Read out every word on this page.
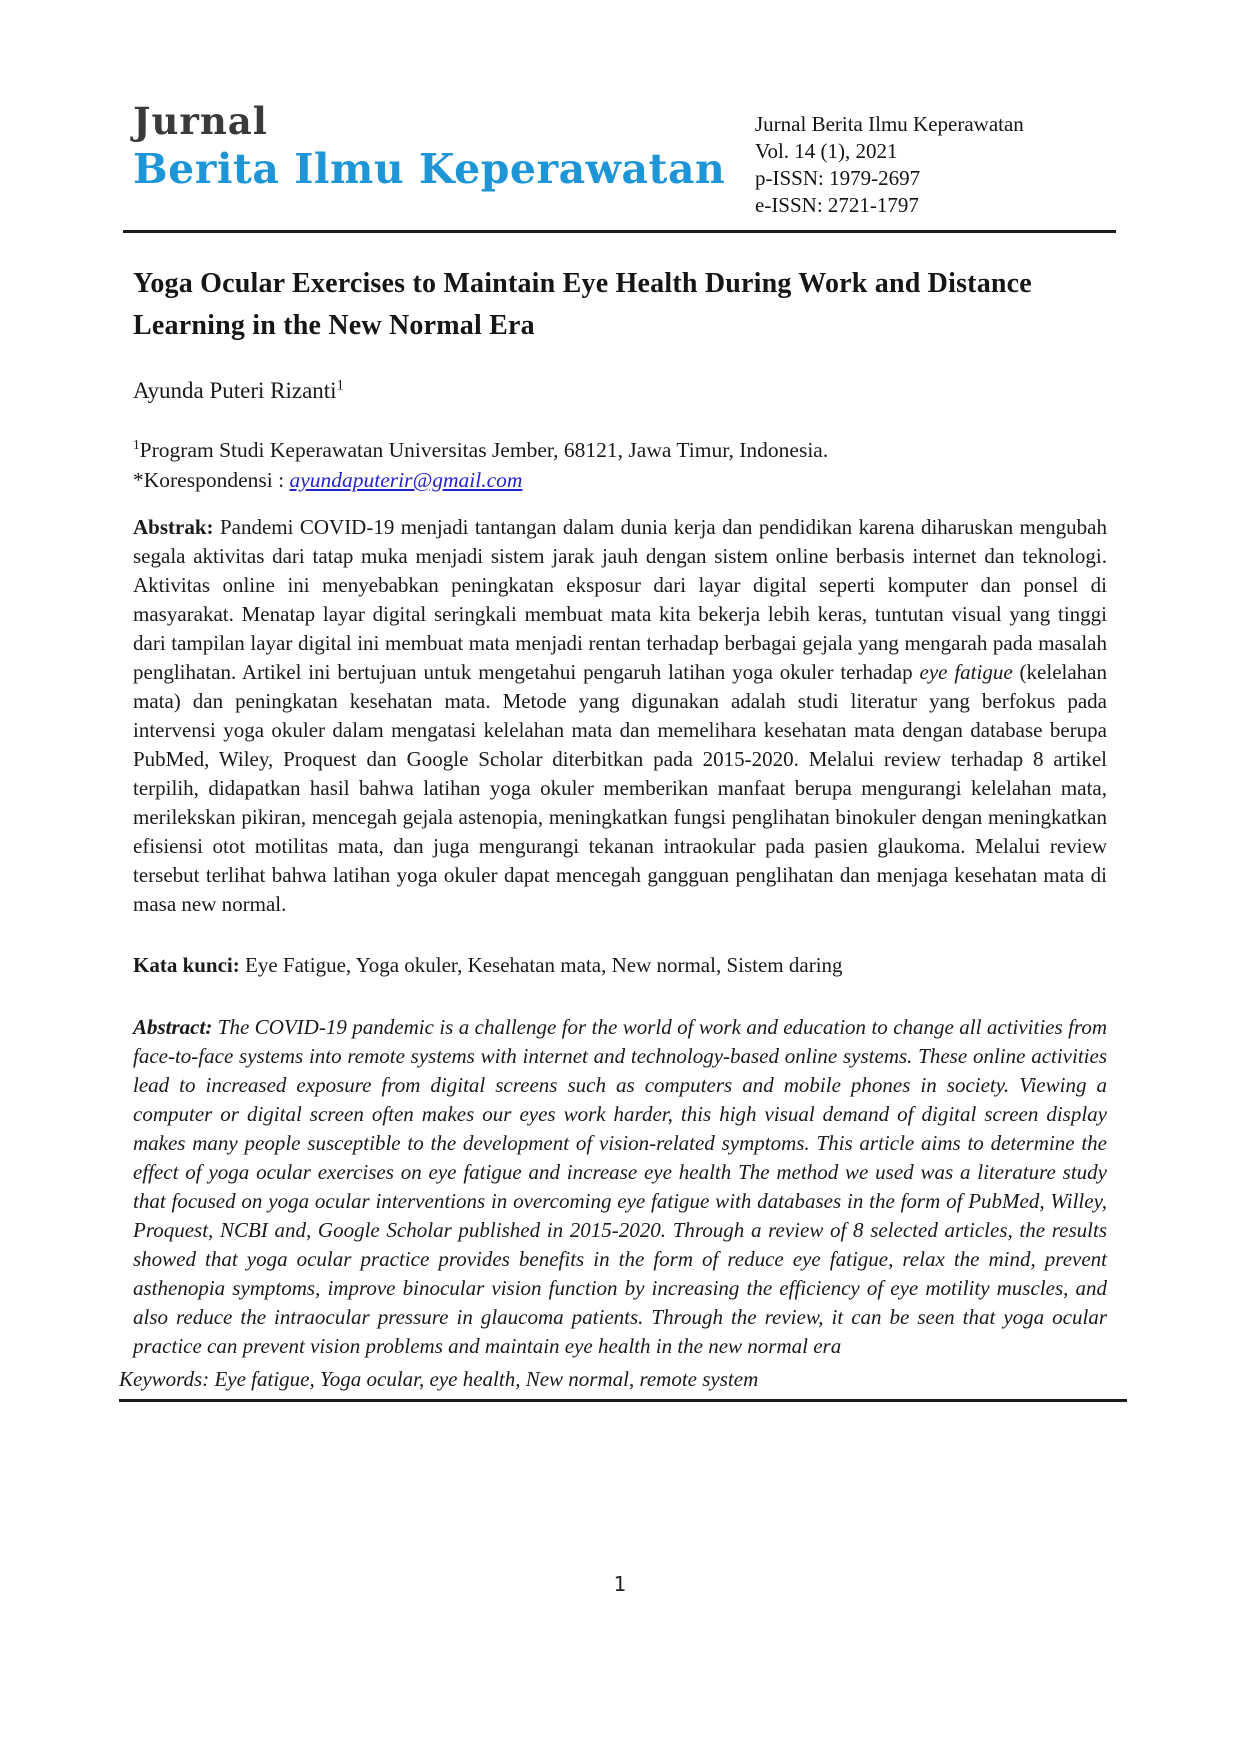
Jurnal
Berita Ilmu Keperawatan
Jurnal Berita Ilmu Keperawatan
Vol. 14 (1), 2021
p-ISSN: 1979-2697
e-ISSN: 2721-1797
Yoga Ocular Exercises to Maintain Eye Health During Work and Distance Learning in the New Normal Era
Ayunda Puteri Rizanti$^1$
$^1$Program Studi Keperawatan Universitas Jember, 68121, Jawa Timur, Indonesia.
*Korespondensi : ayundaputerir@gmail.com

Abstrak: Pandemi COVID-19 menjadi tantangan dalam dunia kerja dan pendidikan karena diharuskan mengubah segala aktivitas dari tatap muka menjadi sistem jarak jauh dengan sistem online berbasis internet dan teknologi. Aktivitas online ini menyebabkan peningkatan eksposur dari layar digital seperti komputer dan ponsel di masyarakat. Menatap layar digital seringkali membuat mata kita bekerja lebih keras, tuntutan visual yang tinggi dari tampilan layar digital ini membuat mata menjadi rentan terhadap berbagai gejala yang mengarah pada masalah penglihatan. Artikel ini bertujuan untuk mengetahui pengaruh latihan yoga okuler terhadap eye fatigue (kelelahan mata) dan peningkatan kesehatan mata. Metode yang digunakan adalah studi literatur yang berfokus pada intervensi yoga okuler dalam mengatasi kelelahan mata dan memelihara kesehatan mata dengan database berupa PubMed, Wiley, Proquest dan Google Scholar diterbitkan pada 2015-2020. Melalui review terhadap 8 artikel terpilih, didapatkan hasil bahwa latihan yoga okuler memberikan manfaat berupa mengurangi kelelahan mata, merilekskan pikiran, mencegah gejala astenopia, meningkatkan fungsi penglihatan binokuler dengan meningkatkan efisiensi otot motilitas mata, dan juga mengurangi tekanan intraokular pada pasien glaukoma. Melalui review tersebut terlihat bahwa latihan yoga okuler dapat mencegah gangguan penglihatan dan menjaga kesehatan mata di masa new normal.

Kata kunci: Eye Fatigue, Yoga okuler, Kesehatan mata, New normal, Sistem daring

Abstract: The COVID-19 pandemic is a challenge for the world of work and education to change all activities from face-to-face systems into remote systems with internet and technology-based online systems. These online activities lead to increased exposure from digital screens such as computers and mobile phones in society. Viewing a computer or digital screen often makes our eyes work harder, this high visual demand of digital screen display makes many people susceptible to the development of vision-related symptoms. This article aims to determine the effect of yoga ocular exercises on eye fatigue and increase eye health The method we used was a literature study that focused on yoga ocular interventions in overcoming eye fatigue with databases in the form of PubMed, Willey, Proquest, NCBI and, Google Scholar published in 2015-2020. Through a review of 8 selected articles, the results showed that yoga ocular practice provides benefits in the form of reduce eye fatigue, relax the mind, prevent asthenopia symptoms, improve binocular vision function by increasing the efficiency of eye motility muscles, and also reduce the intraocular pressure in glaucoma patients. Through the review, it can be seen that yoga ocular practice can prevent vision problems and maintain eye health in the new normal era

Keywords: Eye fatigue, Yoga ocular, eye health, New normal, remote system
1
